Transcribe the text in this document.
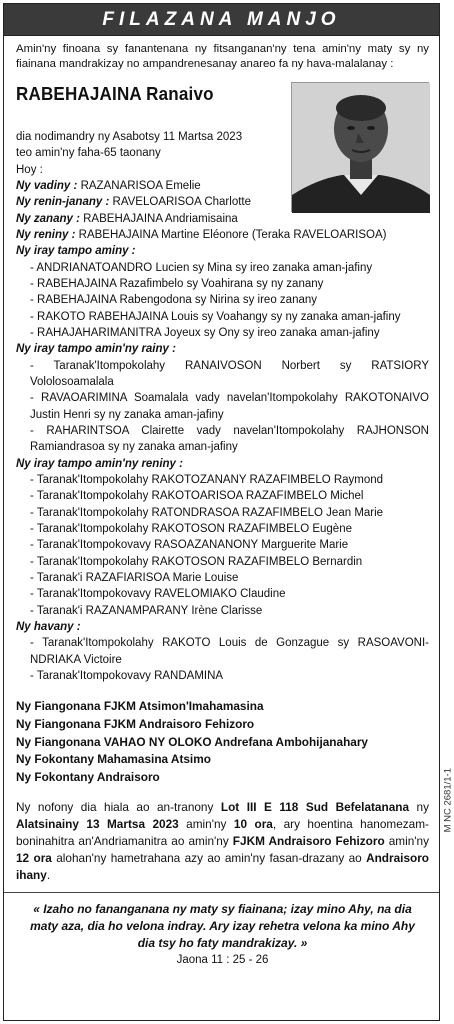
FILAZANA MANJO
Amin'ny finoana sy fanantenana ny fitsanganan'ny tena amin'ny maty sy ny fiainana mandrakizay no ampandrenesanay anareo fa ny hava-malalanay :
RABEHAJAINA Ranaivo
dia nodimandry ny Asabotsy 11 Martsa 2023
teo amin'ny faha-65 taonany
Hoy :
Ny vadiny : RAZANARISOA Emelie
Ny renin-janany : RAVELOARISOA Charlotte
Ny zanany : RABEHAJAINA Andriamisaina
Ny reniny : RABEHAJAINA Martine Eléonore (Teraka RAVELOARISOA)
Ny iray tampo aminy :
- ANDRIANATOANDRO Lucien sy Mina sy ireo zanaka aman-jafiny
- RABEHAJAINA Razafimbelo sy Voahirana sy ny zanany
- RABEHAJAINA Rabengodona sy Nirina sy ireo zanany
- RAKOTO RABEHAJAINA Louis sy Voahangy sy ny zanaka aman-jafiny
- RAHAJAHARIMANITRA Joyeux sy Ony sy ireo zanaka aman-jafiny
Ny iray tampo amin'ny rainy :
- Taranak'Itompokolahy RANAIVOSON Norbert sy RATSIORY Vololosoamalala
- RAVAOARIMINA Soamalala vady navelan'Itompokolahy RAKOTONAIVO Justin Henri sy ny zanaka aman-jafiny
- RAHARINTSOA Clairette vady navelan'Itompokolahy RAJHONSON Ramiandrasoa sy ny zanaka aman-jafiny
Ny iray tampo amin'ny reniny :
- Taranak'Itompokolahy RAKOTOZANANY RAZAFIMBELO Raymond
- Taranak'Itompokolahy RAKOTOARISOA RAZAFIMBELO Michel
- Taranak'Itompokolahy RATONDRASOA RAZAFIMBELO Jean Marie
- Taranak'Itompokolahy RAKOTOSON RAZAFIMBELO Eugène
- Taranak'Itompokovavy RASOAZANANONY Marguerite Marie
- Taranak'Itompokolahy RAKOTOSON RAZAFIMBELO Bernardin
- Taranak'i RAZAFIARISOA Marie Louise
- Taranak'Itompokovavy RAVELOMIAKO Claudine
- Taranak'i RAZANAMPARANY Irène Clarisse
Ny havany :
- Taranak'Itompokolahy RAKOTO Louis de Gonzague sy RASOAVONI-NDRIAKA Victoire
- Taranak'Itompokovavy RANDAMINA
Ny Fiangonana FJKM Atsimon'Imahamasina
Ny Fiangonana FJKM Andraisoro Fehizoro
Ny Fiangonana VAHAO NY OLOKO Andrefana Ambohijanahary
Ny Fokontany Mahamasina Atsimo
Ny Fokontany Andraisoro	M NC 2681/1-1
Ny nofony dia hiala ao an-tranony Lot III E 118 Sud Befelatanana ny Alatsinainy 13 Martsa 2023 amin'ny 10 ora, ary hoentina hanomezam-boninahitra an'Andriamanitra ao amin'ny FJKM Andraisoro Fehizoro amin'ny 12 ora alohan'ny hametrahana azy ao amin'ny fasan-drazany ao Andraisoro ihany.
« Izaho no fananganana ny maty sy fiainana; izay mino Ahy, na dia maty aza, dia ho velona indray. Ary izay rehetra velona ka mino Ahy dia tsy ho faty mandrakizay. »
Jaona 11 : 25 - 26
